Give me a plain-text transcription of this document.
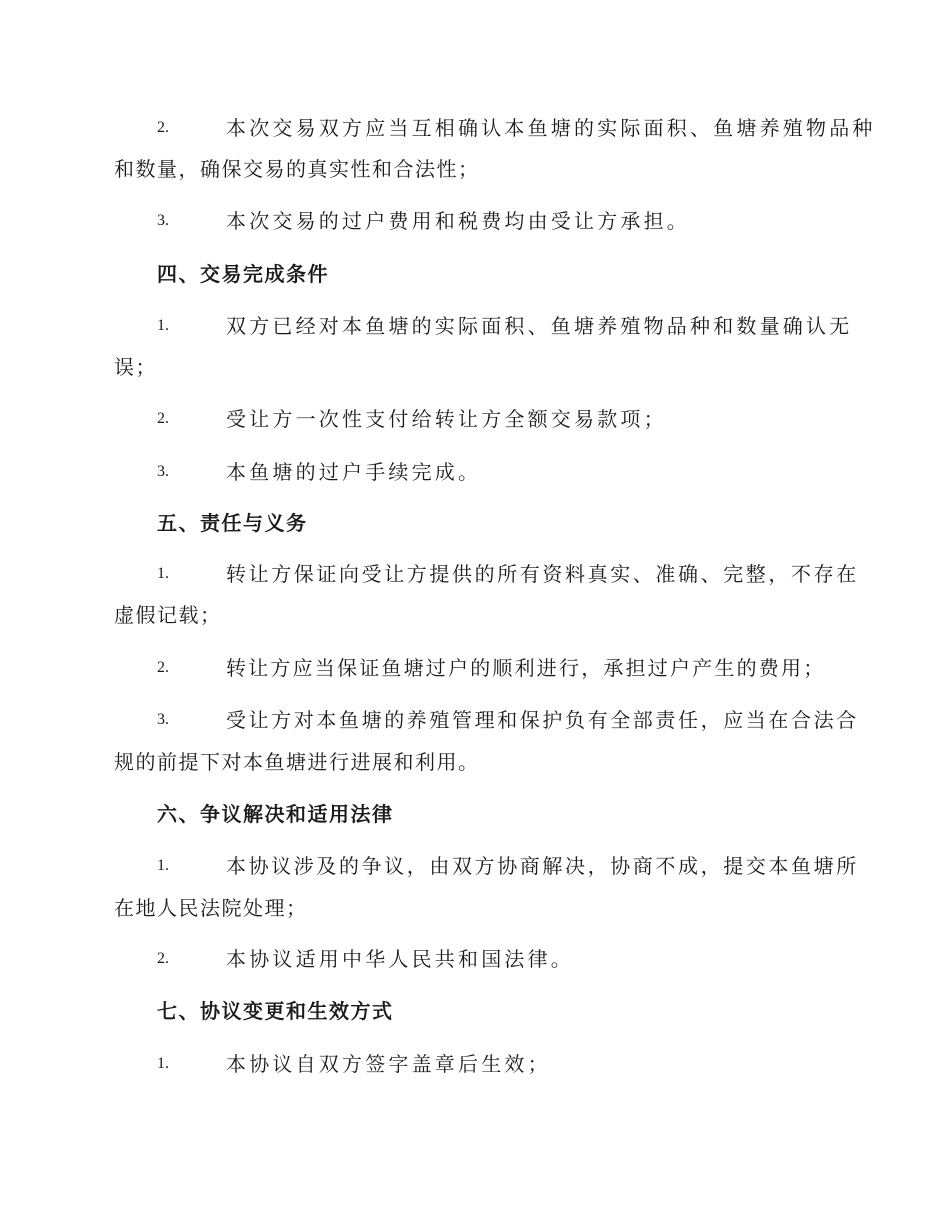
2.	本次交易双方应当互相确认本鱼塘的实际面积、鱼塘养殖物品种
和数量，确保交易的真实性和合法性；
3.	本次交易的过户费用和税费均由受让方承担。
四、交易完成条件
1.	双方已经对本鱼塘的实际面积、鱼塘养殖物品种和数量确认无
误；
2.	受让方一次性支付给转让方全额交易款项；
3.	本鱼塘的过户手续完成。
五、责任与义务
1.	转让方保证向受让方提供的所有资料真实、准确、完整，不存在
虚假记载；
2.	转让方应当保证鱼塘过户的顺利进行，承担过户产生的费用；
3.	受让方对本鱼塘的养殖管理和保护负有全部责任，应当在合法合
规的前提下对本鱼塘进行进展和利用。
六、争议解决和适用法律
1.	本协议涉及的争议，由双方协商解决，协商不成，提交本鱼塘所
在地人民法院处理；
2.	本协议适用中华人民共和国法律。
七、协议变更和生效方式
1.	本协议自双方签字盖章后生效；
